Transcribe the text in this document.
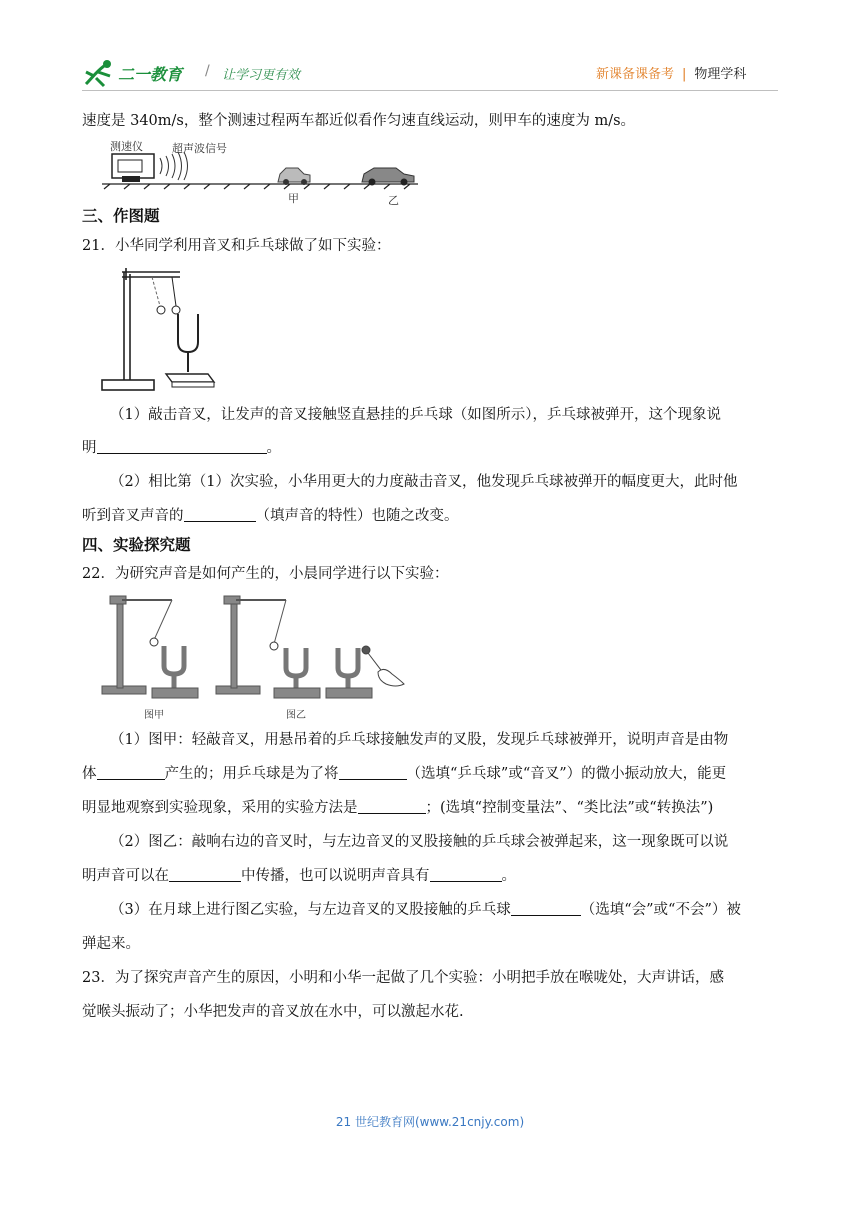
二一教育 / 让学习更有效	新课备课备考 | 物理学科
速度是 340m/s，整个测速过程两车都近似看作匀速直线运动，则甲车的速度为 m/s。
测速仪	超声波信号
甲	乙
三、作图题
21．小华同学利用音叉和乒乓球做了如下实验：
（1）敲击音叉，让发声的音叉接触竖直悬挂的乒乓球（如图所示），乒乓球被弹开，这个现象说
明	。
（2）相比第（1）次实验，小华用更大的力度敲击音叉，他发现乒乓球被弹开的幅度更大，此时他
听到音叉声音的	（填声音的特性）也随之改变。
四、实验探究题
22．为研究声音是如何产生的，小晨同学进行以下实验：
图甲	图乙
（1）图甲：轻敲音叉，用悬吊着的乒乓球接触发声的叉股，发现乒乓球被弹开，说明声音是由物
体	产生的；用乒乓球是为了将	（选填“乒乓球”或“音叉”）的微小振动放大，能更
明显地观察到实验现象，采用的实验方法是	；(选填“控制变量法”、“类比法”或“转换法”)
（2）图乙：敲响右边的音叉时，与左边音叉的叉股接触的乒乓球会被弹起来，这一现象既可以说
明声音可以在	中传播，也可以说明声音具有	。
（3）在月球上进行图乙实验，与左边音叉的叉股接触的乒乓球	（选填“会”或“不会”）被
弹起来。
23．为了探究声音产生的原因，小明和小华一起做了几个实验：小明把手放在喉咙处，大声讲话，感
觉喉头振动了；小华把发声的音叉放在水中，可以激起水花.
21 世纪教育网(www.21cnjy.com)
